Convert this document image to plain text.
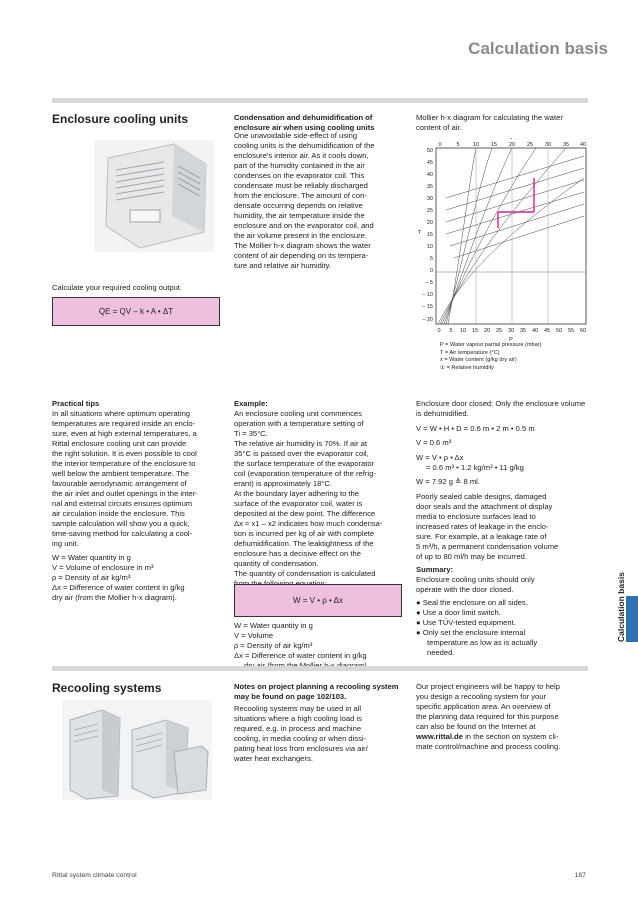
Calculation basis
Enclosure cooling units
Calculate your required cooling output.
Q̇E = QV – k • A • ΔT
Condensation and dehumidification of enclosure air when using cooling units
One unavoidable side-effect of using
cooling units is the dehumidification of the
enclosure's interior air. As it cools down,
part of the humidity contained in the air
condenses on the evaporator coil. This
condensate must be reliably discharged
from the enclosure. The amount of con-
densate occurring depends on relative
humidity, the air temperature inside the
enclosure and on the evaporator coil, and
the air volume present in the enclosure.
The Mollier h-x diagram shows the water
content of air depending on its tempera-
ture and relative air humidity.
Mollier h-x diagram for calculating the water content of air.
0	5 10 15 20 25 30 35 40
x
50
45
40
35
30
25
20
15
10
5
0
– 5
– 10
– 15
– 20
T
0 5 10 15 20 25 30 35 40 45 50 55 60
P
P = Water vapour partial pressure (mbar)
T = Air temperature (°C)
x = Water content (g/kg dry air)
① = Relative humidity
Practical tips
In all situations where optimum operating
temperatures are required inside an enclo-
sure, even at high external temperatures, a
Rittal enclosure cooling unit can provide
the right solution. It is even possible to cool
the interior temperature of the enclosure to
well below the ambient temperature. The
favourable aerodynamic arrangement of
the air inlet and outlet openings in the inter-
nal and external circuits ensures optimum
air circulation inside the enclosure. This
sample calculation will show you a quick,
time-saving method for calculating a cool-
ing unit.
W = Water quantity in g
V = Volume of enclosure in m³
ρ = Density of air kg/m³
Δx = Difference of water content in g/kg
dry air (from the Mollier h-x diagram).
Example:
An enclosure cooling unit commences
operation with a temperature setting of
Ti = 35°C.
The relative air humidity is 70%. If air at
35°C is passed over the evaporator coil,
the surface temperature of the evaporator
coil (evaporation temperature of the refrig-
erant) is approximately 18°C.
At the boundary layer adhering to the
surface of the evaporator coil, water is
deposited at the dew point. The difference
Δx = x1 – x2 indicates how much condensa-
tion is incurred per kg of air with complete
dehumidification. The leaktightness of the
enclosure has a decisive effect on the
quantity of condensation.
The quantity of condensation is calculated
W = V • ρ • Δx
W = Water quantity in g
V = Volume
ρ = Density of air kg/m³
Δx = Difference of water content in g/kg
Enclosure door closed: Only the enclosure volume is dehumidified.
V = W • H • D = 0.6 m • 2 m • 0.5 m
V = 0.6 m³
W = V • ρ • Δx
= 0.6 m³ • 1.2 kg/m³ • 11 g/kg
W = 7.92 g ≙ 8 ml.
Poorly sealed cable designs, damaged
door seals and the attachment of display
media to enclosure surfaces lead to
increased rates of leakage in the enclo-
sure. For example, at a leakage rate of
5 m³/h, a permanent condensation volume
of up to 80 ml/h may be incurred.
Summary:
Enclosure cooling units should only
operate with the door closed.
● Seal the enclosure on all sides.
● Use a door limit switch.
● Use TÜV-tested equipment.
● Only set the enclosure internal
temperature as low as is actually
needed.
Calculation basis
Recooling systems	Notes on project planning a recooling system may be found on page 102/103.
Recooling systems may be used in all
situations where a high cooling load is
required, e.g. in process and machine
cooling, in media cooling or when dissi-
pating heat loss from enclosures via air/
water heat exchangers.
Our project engineers will be happy to help
you design a recooling system for your
specific application area. An overview of
the planning data required for this purpose
can also be found on the Internet at
www.rittal.de in the section on system cli-
mate control/machine and process cooling.
Rittal system climate control	187
